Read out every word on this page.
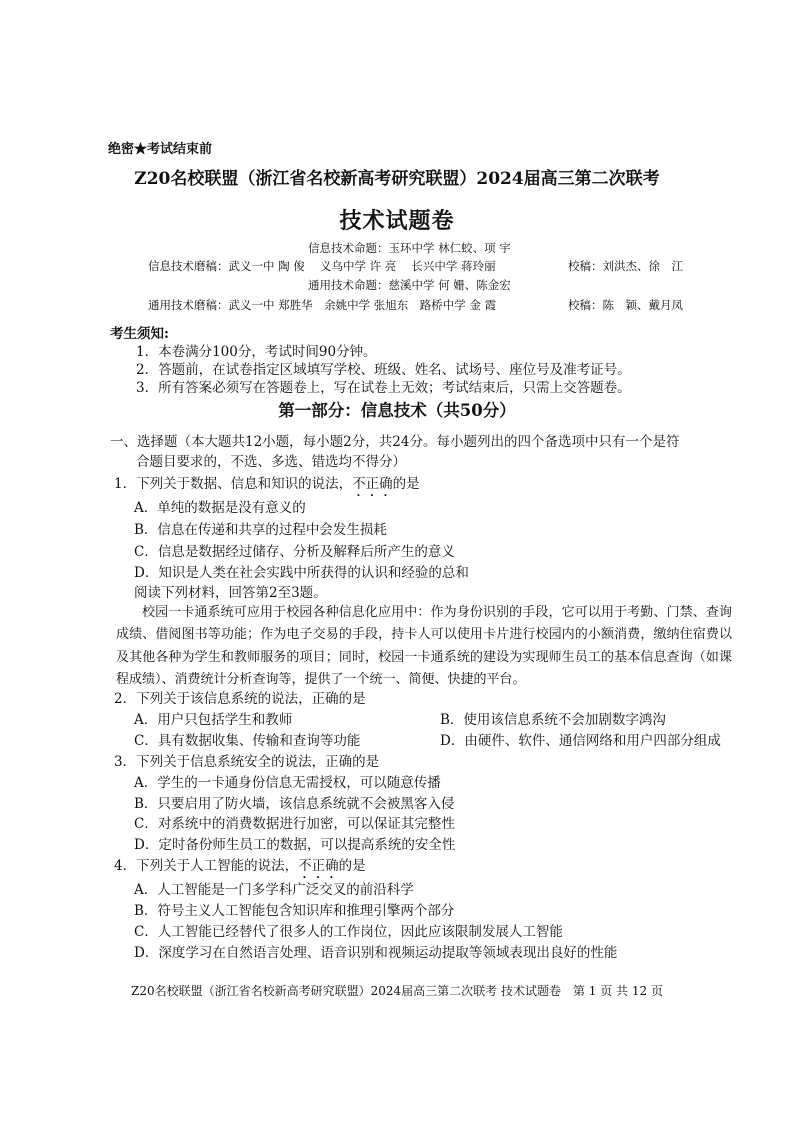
绝密★考试结束前
Z20名校联盟（浙江省名校新高考研究联盟）2024届高三第二次联考
技术试题卷
信息技术命题：玉环中学 林仁蛟、项 宇
信息技术磨稿：武义一中 陶 俊　 义乌中学 许 亮　 长兴中学 蒋玲丽	校稿：刘洪杰、徐　江
通用技术命题：慈溪中学 何 姗、陈金宏
通用技术磨稿：武义一中 郑胜华　余姚中学 张旭东　路桥中学 金 霞	校稿：陈　颖、戴月凤
考生须知:
1．本卷满分100分，考试时间90分钟。
2．答题前，在试卷指定区域填写学校、班级、姓名、试场号、座位号及准考证号。
3．所有答案必须写在答题卷上，写在试卷上无效；考试结束后，只需上交答题卷。
第一部分：信息技术（共50分）
一、选择题（本大题共12小题，每小题2分，共24分。每小题列出的四个备选项中只有一个是符
合题目要求的，不选、多选、错选均不得分）
1．下列关于数据、信息和知识的说法，不正确的是
A．单纯的数据是没有意义的
B．信息在传递和共享的过程中会发生损耗
C．信息是数据经过储存、分析及解释后所产生的意义
D．知识是人类在社会实践中所获得的认识和经验的总和
阅读下列材料，回答第2至3题。

校园一卡通系统可应用于校园各种信息化应用中：作为身份识别的手段，它可以用于考勤、门禁、查询成绩、借阅图书等功能；作为电子交易的手段，持卡人可以使用卡片进行校园内的小额消费，缴纳住宿费以及其他各种为学生和教师服务的项目；同时，校园一卡通系统的建设为实现师生员工的基本信息查询（如课程成绩）、消费统计分析查询等，提供了一个统一、简便、快捷的平台。

2．下列关于该信息系统的说法，正确的是
A．用户只包括学生和教师	B．使用该信息系统不会加剧数字鸿沟
C．具有数据收集、传输和查询等功能	D．由硬件、软件、通信网络和用户四部分组成
3．下列关于信息系统安全的说法，正确的是
A．学生的一卡通身份信息无需授权，可以随意传播
B．只要启用了防火墙，该信息系统就不会被黑客入侵
C．对系统中的消费数据进行加密，可以保证其完整性
D．定时备份师生员工的数据，可以提高系统的安全性
4．下列关于人工智能的说法，不正确的是
A．人工智能是一门多学科广泛交叉的前沿科学
B．符号主义人工智能包含知识库和推理引擎两个部分
C．人工智能已经替代了很多人的工作岗位，因此应该限制发展人工智能
D．深度学习在自然语言处理、语音识别和视频运动提取等领域表现出良好的性能
Z20名校联盟（浙江省名校新高考研究联盟）2024届高三第二次联考 技术试题卷　第 1 页 共 12 页
